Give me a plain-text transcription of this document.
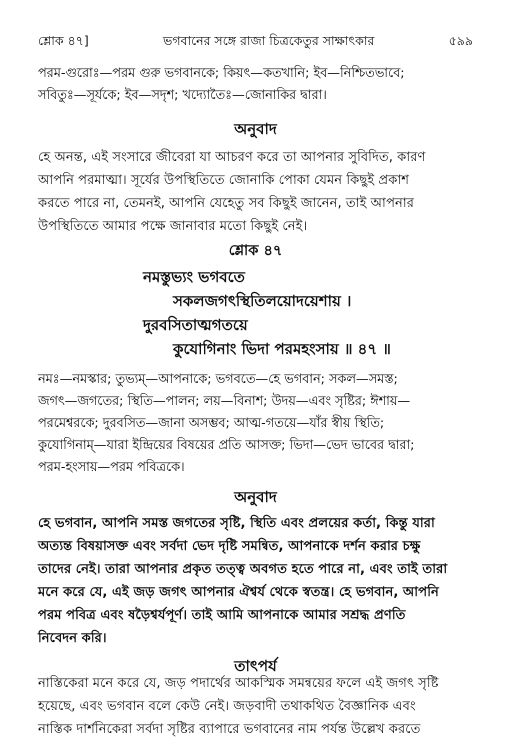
শ্লোক ৪৭]	ভগবানের সঙ্গে রাজা চিত্রকেতুর সাক্ষাৎকার	৫৯৯

পরম-গুরোঃ—পরম গুরু ভগবানকে; কিয়ৎ—কতখানি; ইব—নিশ্চিতভাবে;

সবিতুঃ—সূর্যকে; ইব—সদৃশ; খদ্যোতৈঃ—জোনাকির দ্বারা।

অনুবাদ

হে অনন্ত, এই সংসারে জীবেরা যা আচরণ করে তা আপনার সুবিদিত, কারণ

আপনি পরমাত্মা। সূর্যের উপস্থিতিতে জোনাকি পোকা যেমন কিছুই প্রকাশ

করতে পারে না, তেমনই, আপনি যেহেতু সব কিছুই জানেন, তাই আপনার

উপস্থিতিতে আমার পক্ষে জানাবার মতো কিছুই নেই।

শ্লোক ৪৭
নমস্তুভ্যং ভগবতে
সকলজগৎস্থিতিলয়োদয়েশায় ।
দুরবসিতাত্মগতয়ে
কুযোগিনাং ভিদা পরমহংসায় ॥ ৪৭ ॥

নমঃ—নমস্কার; তুভ্যম্—আপনাকে; ভগবতে—হে ভগবান; সকল—সমস্ত;

জগৎ—জগতের; স্থিতি—পালন; লয়—বিনাশ; উদয়—এবং সৃষ্টির; ঈশায়—

পরমেশ্বরকে; দুরবসিত—জানা অসম্ভব; আত্ম-গতয়ে—যাঁর স্বীয় স্থিতি;

কুযোগিনাম্—যারা ইন্দ্রিয়ের বিষয়ের প্রতি আসক্ত; ভিদা—ভেদ ভাবের দ্বারা;

পরম-হংসায়—পরম পবিত্রকে।

অনুবাদ

হে ভগবান, আপনি সমস্ত জগতের সৃষ্টি, স্থিতি এবং প্রলয়ের কর্তা, কিন্তু যারা

অত্যন্ত বিষয়াসক্ত এবং সর্বদা ভেদ দৃষ্টি সমন্বিত, আপনাকে দর্শন করার চক্ষু

তাদের নেই। তারা আপনার প্রকৃত তত্ত্ব অবগত হতে পারে না, এবং তাই তারা

মনে করে যে, এই জড় জগৎ আপনার ঐশ্বর্য থেকে স্বতন্ত্র। হে ভগবান, আপনি

পরম পবিত্র এবং ষড়ৈশ্বর্যপূর্ণ। তাই আমি আপনাকে আমার সশ্রদ্ধ প্রণতি

নিবেদন করি।

তাৎপর্য

নাস্তিকেরা মনে করে যে, জড় পদার্থের আকস্মিক সমন্বয়ের ফলে এই জগৎ সৃষ্টি

হয়েছে, এবং ভগবান বলে কেউ নেই। জড়বাদী তথাকথিত বৈজ্ঞানিক এবং

নাস্তিক দার্শনিকেরা সর্বদা সৃষ্টির ব্যাপারে ভগবানের নাম পর্যন্ত উল্লেখ করতে
